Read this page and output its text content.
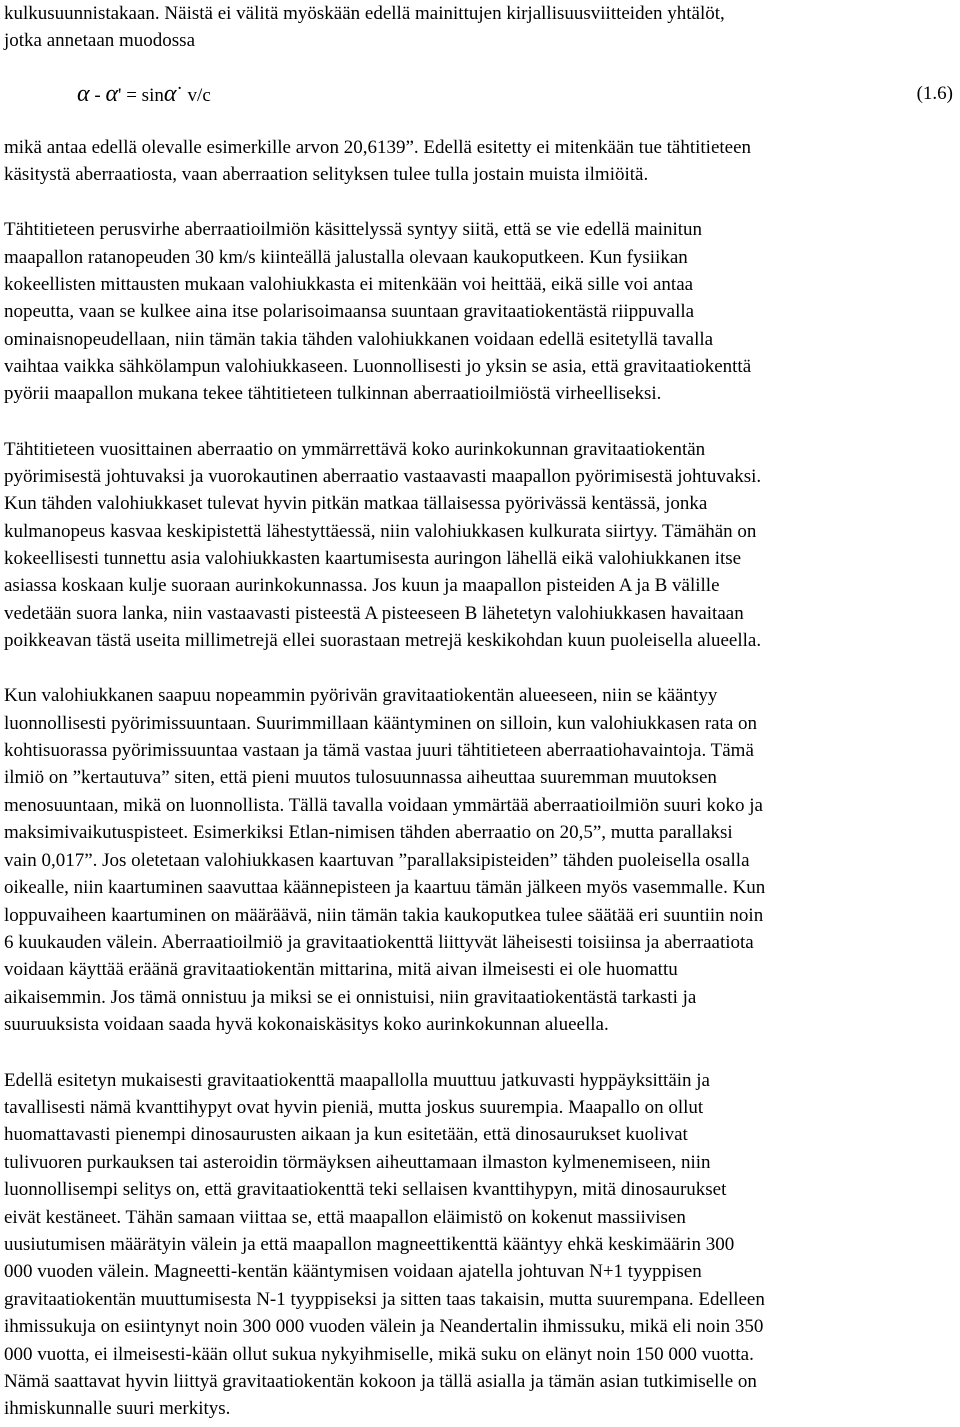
kulkusuunnistakaan. Näistä ei välitä myöskään edellä mainittujen kirjallisuusviitteiden yhtälöt,
jotka annetaan muodossa
α - α' = sinα· v/c	(1.6)
mikä antaa edellä olevalle esimerkille arvon 20,6139”. Edellä esitetty ei mitenkään tue tähtitieteen
käsitystä aberraatiosta, vaan aberraation selityksen tulee tulla jostain muista ilmiöitä.
Tähtitieteen perusvirhe aberraatioilmiön käsittelyssä syntyy siitä, että se vie edellä mainitun
maapallon ratanopeuden 30 km/s kiinteällä jalustalla olevaan kaukoputkeen. Kun fysiikan
kokeellisten mittausten mukaan valohiukkasta ei mitenkään voi heittää, eikä sille voi antaa
nopeutta, vaan se kulkee aina itse polarisoimaansa suuntaan gravitaatiokentästä riippuvalla
ominaisnopeudellaan, niin tämän takia tähden valohiukkanen voidaan edellä esitetyllä tavalla
vaihtaa vaikka sähkölampun valohiukkaseen. Luonnollisesti jo yksin se asia, että gravitaatiokenttä
pyörii maapallon mukana tekee tähtitieteen tulkinnan aberraatioilmiöstä virheelliseksi.
Tähtitieteen vuosittainen aberraatio on ymmärrettävä koko aurinkokunnan gravitaatiokentän
pyörimisestä johtuvaksi ja vuorokautinen aberraatio vastaavasti maapallon pyörimisestä johtuvaksi.
Kun tähden valohiukkaset tulevat hyvin pitkän matkaa tällaisessa pyörivässä kentässä, jonka
kulmanopeus kasvaa keskipistettä lähestyttäessä, niin valohiukkasen kulkurata siirtyy. Tämähän on
kokeellisesti tunnettu asia valohiukkasten kaartumisesta auringon lähellä eikä valohiukkanen itse
asiassa koskaan kulje suoraan aurinkokunnassa. Jos kuun ja maapallon pisteiden A ja B välille
vedetään suora lanka, niin vastaavasti pisteestä A pisteeseen B lähetetyn valohiukkasen havaitaan
poikkeavan tästä useita millimetrejä ellei suorastaan metrejä keskikohdan kuun puoleisella alueella.
Kun valohiukkanen saapuu nopeammin pyörivän gravitaatiokentän alueeseen, niin se kääntyy
luonnollisesti pyörimissuuntaan. Suurimmillaan kääntyminen on silloin, kun valohiukkasen rata on
kohtisuorassa pyörimissuuntaa vastaan ja tämä vastaa juuri tähtitieteen aberraatiohavaintoja. Tämä
ilmiö on ”kertautuva” siten, että pieni muutos tulosuunnassa aiheuttaa suuremman muutoksen
menosuuntaan, mikä on luonnollista. Tällä tavalla voidaan ymmärtää aberraatioilmiön suuri koko ja
maksimivaikutuspisteet. Esimerkiksi Etlan-nimisen tähden aberraatio on 20,5”, mutta parallaksi
vain 0,017”. Jos oletetaan valohiukkasen kaartuvan ”parallaksipisteiden” tähden puoleisella osalla
oikealle, niin kaartuminen saavuttaa käännepisteen ja kaartuu tämän jälkeen myös vasemmalle. Kun
loppuvaiheen kaartuminen on määräävä, niin tämän takia kaukoputkea tulee säätää eri suuntiin noin
6 kuukauden välein. Aberraatioilmiö ja gravitaatiokenttä liittyvät läheisesti toisiinsa ja aberraatiota
voidaan käyttää eräänä gravitaatiokentän mittarina, mitä aivan ilmeisesti ei ole huomattu
aikaisemmin. Jos tämä onnistuu ja miksi se ei onnistuisi, niin gravitaatiokentästä tarkasti ja
suuruuksista voidaan saada hyvä kokonaiskäsitys koko aurinkokunnan alueella.
Edellä esitetyn mukaisesti gravitaatiokenttä maapallolla muuttuu jatkuvasti hyppäyksittäin ja
tavallisesti nämä kvanttihypyt ovat hyvin pieniä, mutta joskus suurempia. Maapallo on ollut
huomattavasti pienempi dinosaurusten aikaan ja kun esitetään, että dinosaurukset kuolivat
tulivuoren purkauksen tai asteroidin törmäyksen aiheuttamaan ilmaston kylmenemiseen, niin
luonnollisempi selitys on, että gravitaatiokenttä teki sellaisen kvanttihypyn, mitä dinosaurukset
eivät kestäneet. Tähän samaan viittaa se, että maapallon eläimistö on kokenut massiivisen
uusiutumisen määrätyin välein ja että maapallon magneettikenttä kääntyy ehkä keskimäärin 300
000 vuoden välein. Magneetti-kentän kääntymisen voidaan ajatella johtuvan N+1 tyyppisen
gravitaatiokentän muuttumisesta N-1 tyyppiseksi ja sitten taas takaisin, mutta suurempana. Edelleen
ihmissukuja on esiintynyt noin 300 000 vuoden välein ja Neandertalin ihmissuku, mikä eli noin 350
000 vuotta, ei ilmeisesti-kään ollut sukua nykyihmiselle, mikä suku on elänyt noin 150 000 vuotta.
Nämä saattavat hyvin liittyä gravitaatiokentän kokoon ja tällä asialla ja tämän asian tutkimiselle on
ihmiskunnalle suuri merkitys.
